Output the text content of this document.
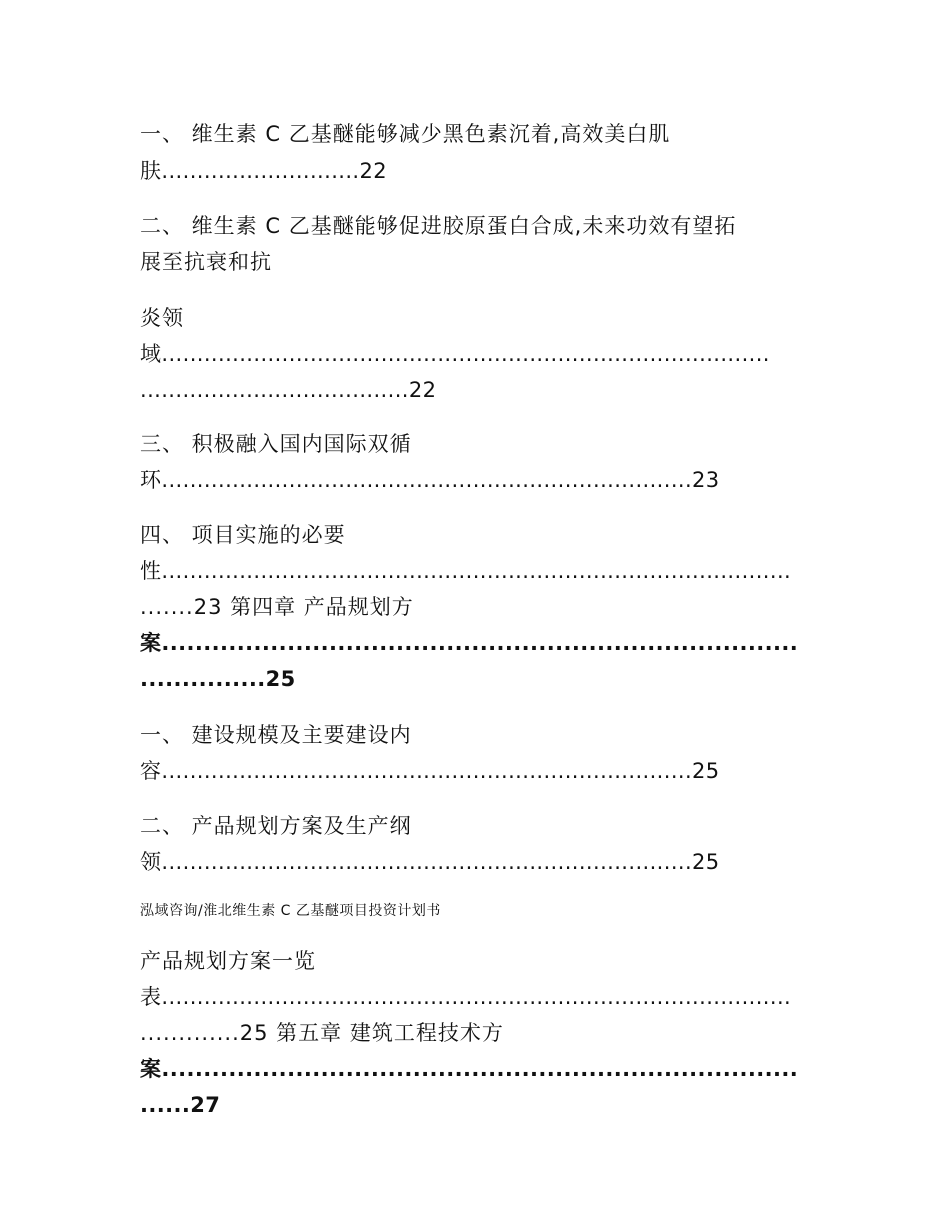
一、 维生素 C 乙基醚能够减少黑色素沉着,高效美白肌
肤............................22
二、 维生素 C 乙基醚能够促进胶原蛋白合成,未来功效有望拓
展至抗衰和抗
炎领
域......................................................................................
......................................22
三、 积极融入国内国际双循
环...........................................................................23
四、 项目实施的必要
性.........................................................................................
.......23 第四章 产品规划方
案............................................................................
...............25
一、 建设规模及主要建设内
容...........................................................................25
二、 产品规划方案及生产纲
领...........................................................................25
泓域咨询/淮北维生素 C 乙基醚项目投资计划书
产品规划方案一览
表.........................................................................................
.............25 第五章 建筑工程技术方
案............................................................................
......27
